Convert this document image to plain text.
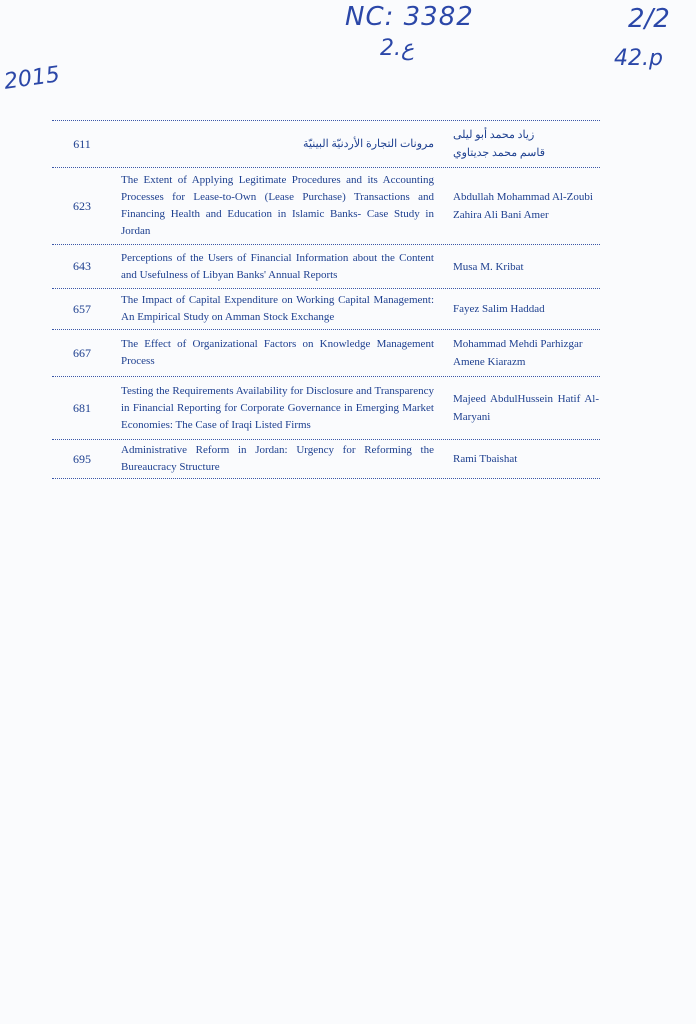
NC: 3382
2.ع
2/2
42.p
2015
611	مرونات التجارة الأردنيّة البينيّة
زياد محمد أبو ليلى
قاسم محمد جديتاوي
623
The Extent of Applying Legitimate Procedures and its Accounting Processes for Lease-to-Own (Lease Purchase) Transactions and Financing Health and Education in Islamic Banks- Case Study in Jordan
Abdullah Mohammad Al-Zoubi
Zahira Ali Bani Amer
643
Perceptions of the Users of Financial Information about the Content and Usefulness of Libyan Banks' Annual Reports
Musa M. Kribat
657
The Impact of Capital Expenditure on Working Capital Management: An Empirical Study on Amman Stock Exchange
Fayez Salim Haddad
667
The Effect of Organizational Factors on Knowledge Management Process
Mohammad Mehdi Parhizgar
Amene Kiarazm
681
Testing the Requirements Availability for Disclosure and Transparency in Financial Reporting for Corporate Governance in Emerging Market Economies: The Case of Iraqi Listed Firms
Majeed AbdulHussein Hatif Al-Maryani
695
Administrative Reform in Jordan: Urgency for Reforming the Bureaucracy Structure
Rami Tbaishat
